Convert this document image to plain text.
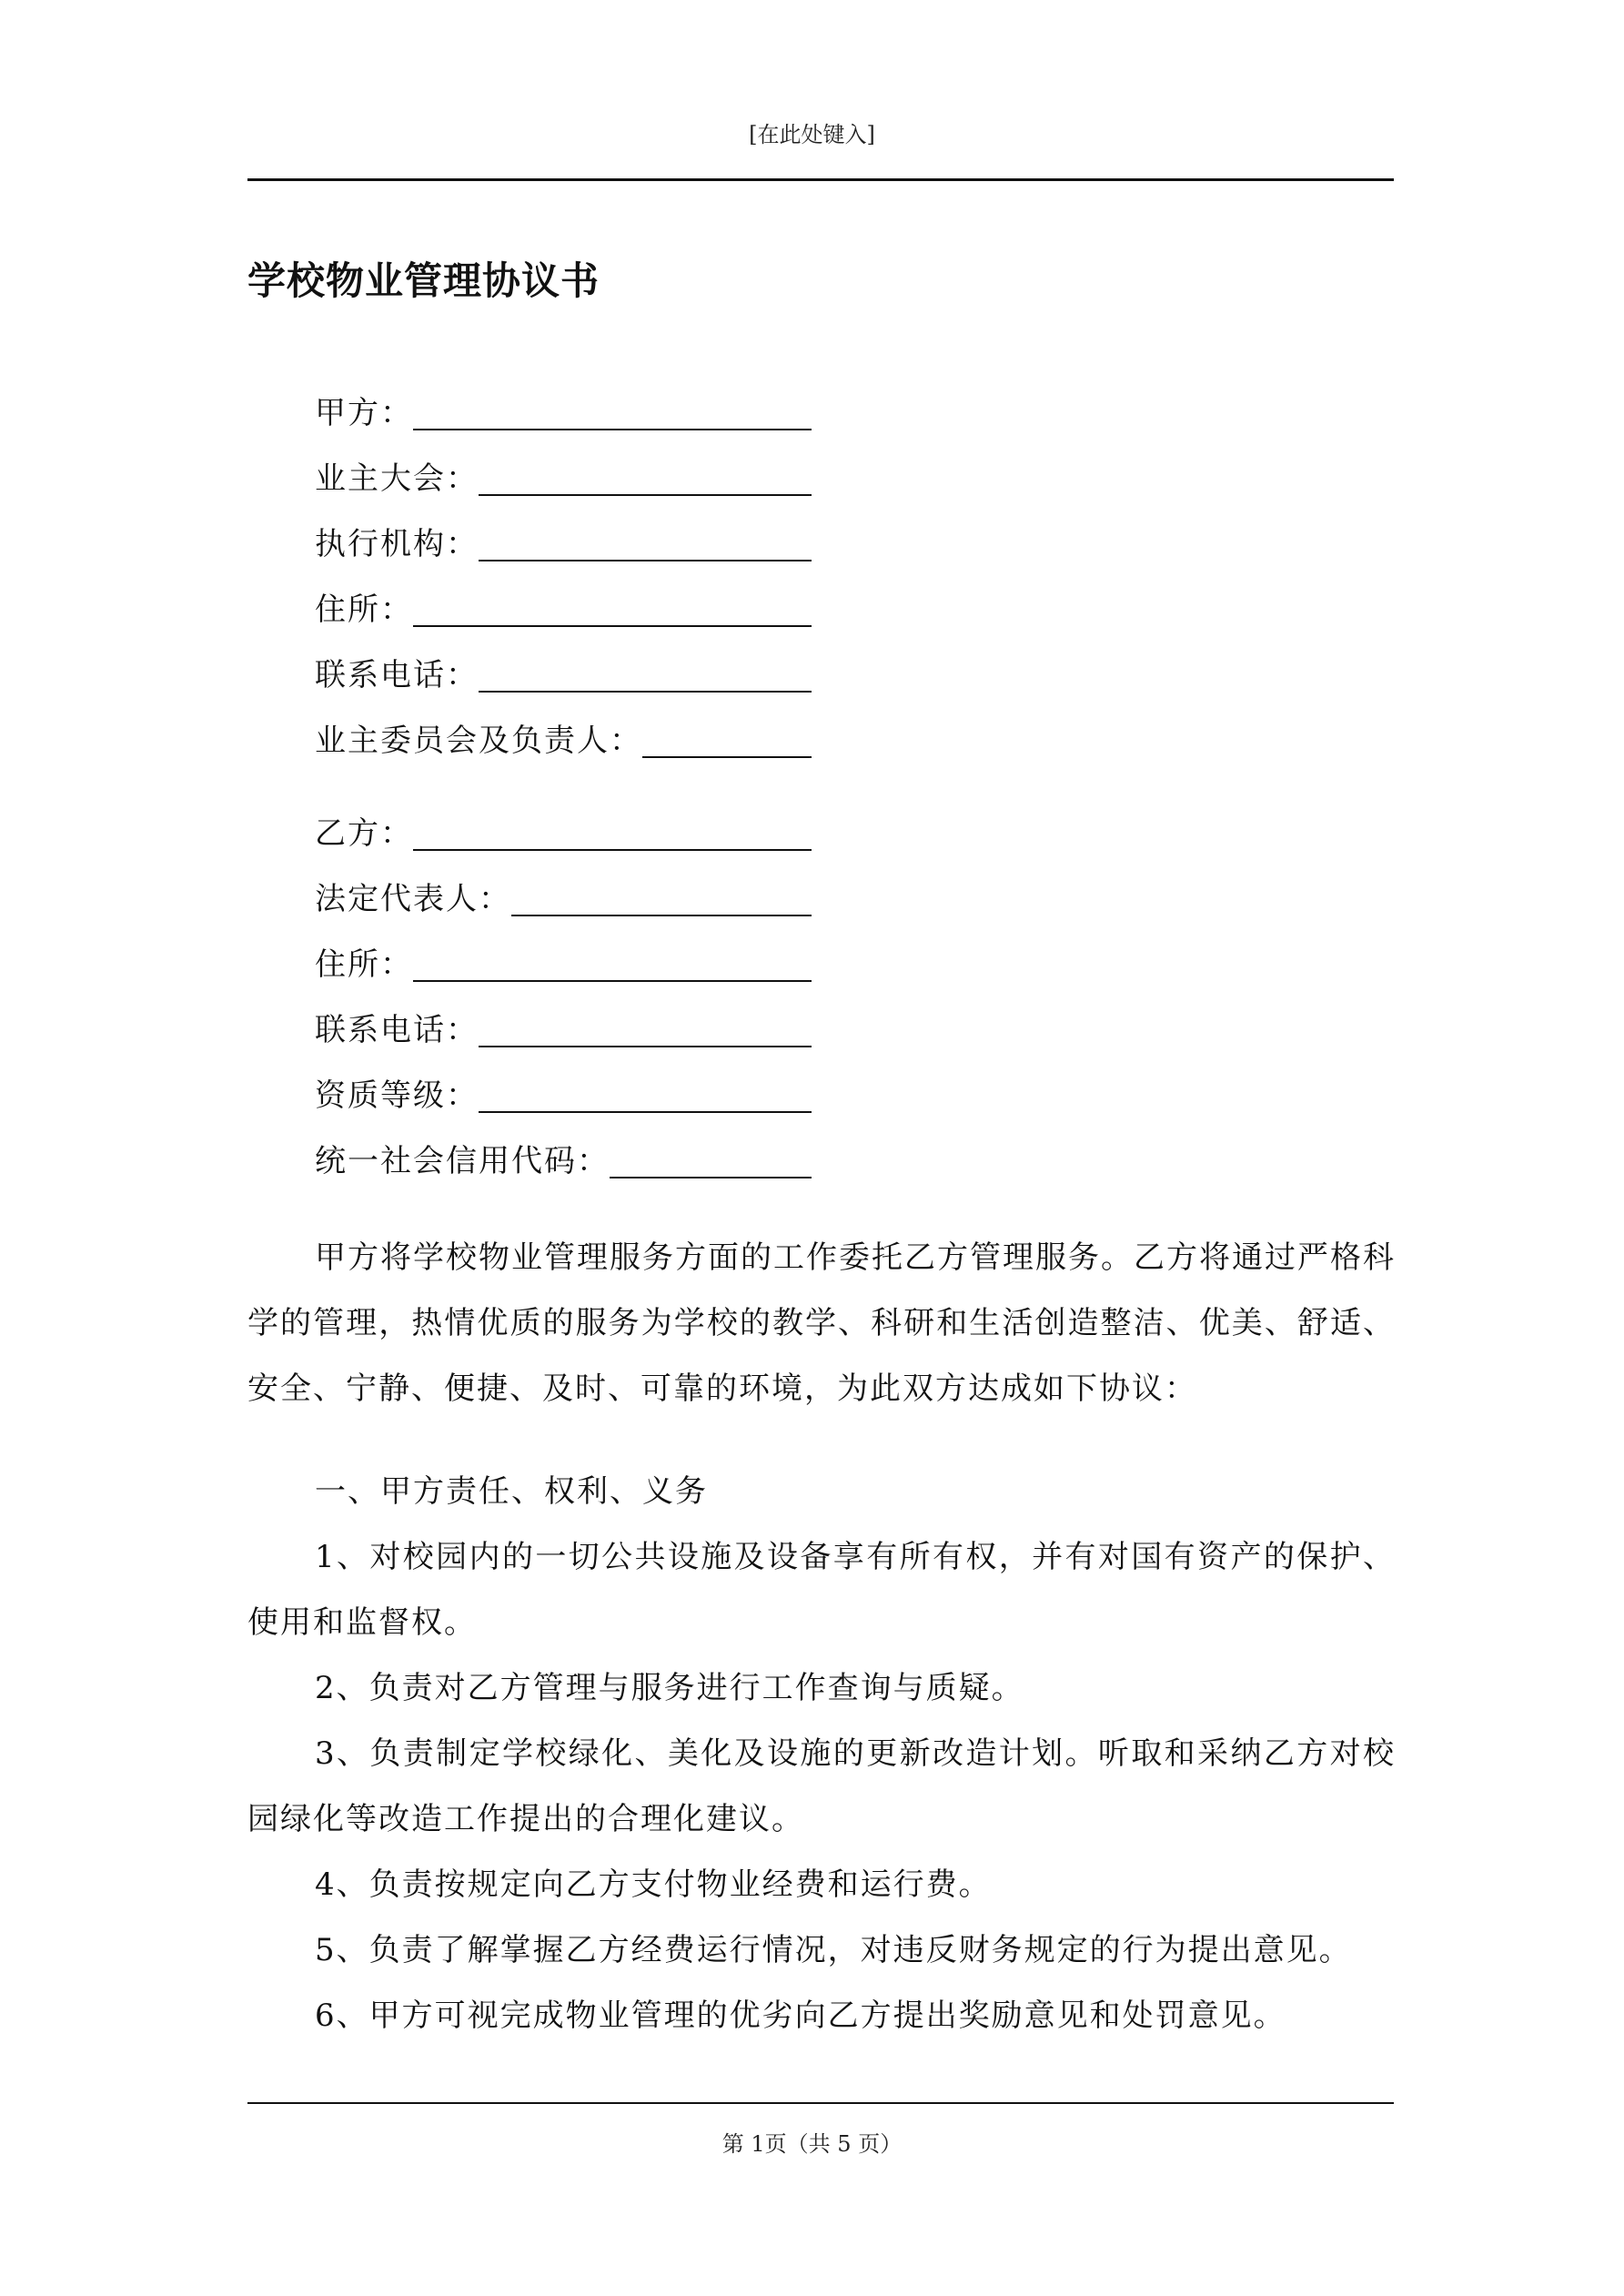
[在此处键入]
学校物业管理协议书
甲方：
业主大会：
执行机构：
住所：
联系电话：
业主委员会及负责人：
乙方：
法定代表人：
住所：
联系电话：
资质等级：
统一社会信用代码：

甲方将学校物业管理服务方面的工作委托乙方管理服务。乙方将通过严格科学的管理，热情优质的服务为学校的教学、科研和生活创造整洁、优美、舒适、安全、宁静、便捷、及时、可靠的环境，为此双方达成如下协议：

一、甲方责任、权利、义务

1、对校园内的一切公共设施及设备享有所有权，并有对国有资产的保护、使用和监督权。

2、负责对乙方管理与服务进行工作查询与质疑。

3、负责制定学校绿化、美化及设施的更新改造计划。听取和采纳乙方对校园绿化等改造工作提出的合理化建议。

4、负责按规定向乙方支付物业经费和运行费。

5、负责了解掌握乙方经费运行情况，对违反财务规定的行为提出意见。

6、甲方可视完成物业管理的优劣向乙方提出奖励意见和处罚意见。

第 1页（共 5 页）
